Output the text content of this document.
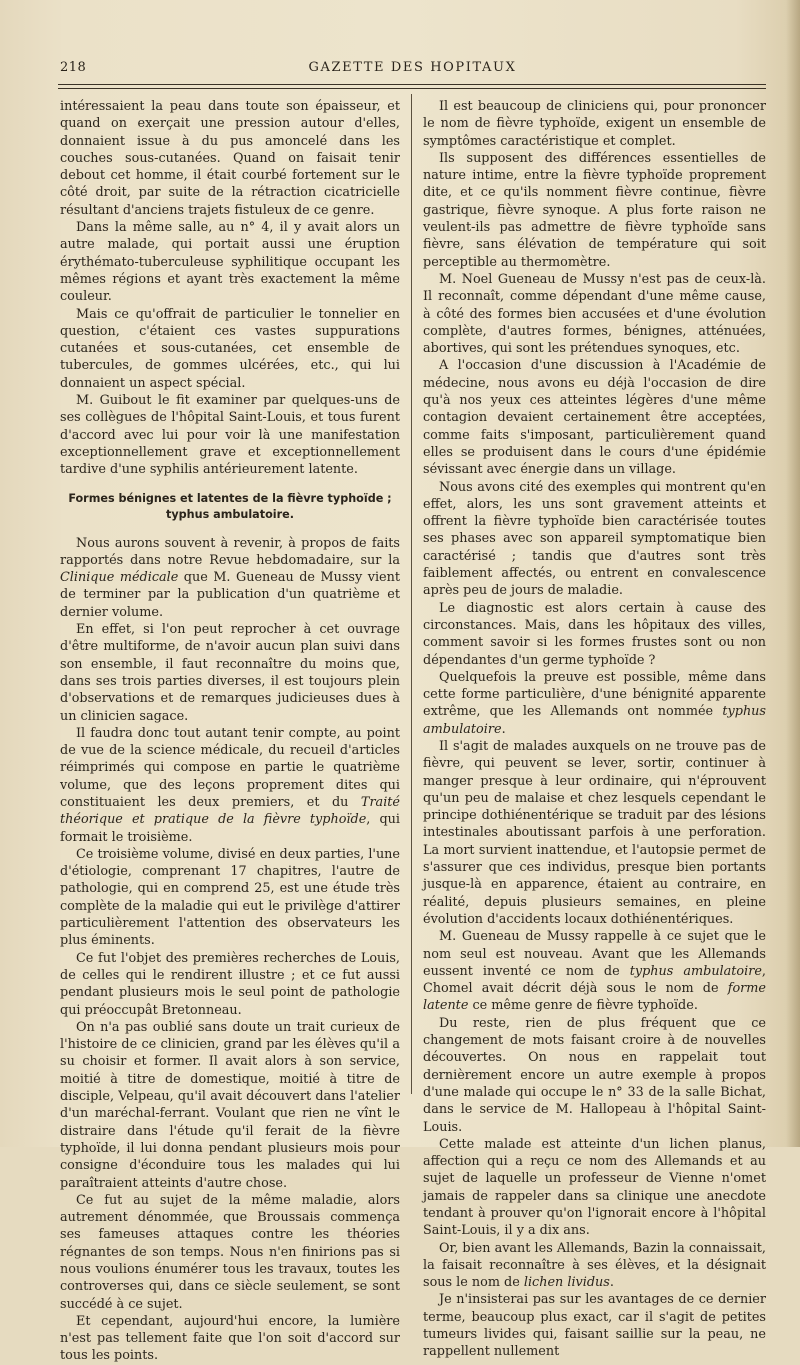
218	GAZETTE DES HOPITAUX

intéressaient la peau dans toute son épaisseur, et quand on exerçait une pression autour d'elles, donnaient issue à du pus amoncelé dans les couches sous-cutanées. Quand on faisait tenir debout cet homme, il était courbé fortement sur le côté droit, par suite de la rétraction cicatricielle résultant d'anciens trajets fistuleux de ce genre.

Dans la même salle, au n° 4, il y avait alors un autre malade, qui portait aussi une éruption érythémato-tuberculeuse syphilitique occupant les mêmes régions et ayant très exactement la même couleur.

Mais ce qu'offrait de particulier le tonnelier en question, c'étaient ces vastes suppurations cutanées et sous-cutanées, cet ensemble de tubercules, de gommes ulcérées, etc., qui lui donnaient un aspect spécial.

M. Guibout le fit examiner par quelques-uns de ses collègues de l'hôpital Saint-Louis, et tous furent d'accord avec lui pour voir là une manifestation exceptionnellement grave et exceptionnellement tardive d'une syphilis antérieurement latente.

Formes bénignes et latentes de la fièvre typhoïde ;
typhus ambulatoire.

Nous aurons souvent à revenir, à propos de faits rapportés dans notre Revue hebdomadaire, sur la Clinique médicale que M. Gueneau de Mussy vient de terminer par la publication d'un quatrième et dernier volume.

En effet, si l'on peut reprocher à cet ouvrage d'être multiforme, de n'avoir aucun plan suivi dans son ensemble, il faut reconnaître du moins que, dans ses trois parties diverses, il est toujours plein d'observations et de remarques judicieuses dues à un clinicien sagace.

Il faudra donc tout autant tenir compte, au point de vue de la science médicale, du recueil d'articles réimprimés qui compose en partie le quatrième volume, que des leçons proprement dites qui constituaient les deux premiers, et du Traité théorique et pratique de la fièvre typhoïde, qui formait le troisième.

Ce troisième volume, divisé en deux parties, l'une d'étiologie, comprenant 17 chapitres, l'autre de pathologie, qui en comprend 25, est une étude très complète de la maladie qui eut le privilège d'attirer particulièrement l'attention des observateurs les plus éminents.

Ce fut l'objet des premières recherches de Louis, de celles qui le rendirent illustre ; et ce fut aussi pendant plusieurs mois le seul point de pathologie qui préoccupât Bretonneau.

On n'a pas oublié sans doute un trait curieux de l'histoire de ce clinicien, grand par les élèves qu'il a su choisir et former. Il avait alors à son service, moitié à titre de domestique, moitié à titre de disciple, Velpeau, qu'il avait découvert dans l'atelier d'un maréchal-ferrant. Voulant que rien ne vînt le distraire dans l'étude qu'il ferait de la fièvre typhoïde, il lui donna pendant plusieurs mois pour consigne d'éconduire tous les malades qui lui paraîtraient atteints d'autre chose.

Ce fut au sujet de la même maladie, alors autrement dénommée, que Broussais commença ses fameuses attaques contre les théories régnantes de son temps. Nous n'en finirions pas si nous voulions énumérer tous les travaux, toutes les controverses qui, dans ce siècle seulement, se sont succédé à ce sujet.

Et cependant, aujourd'hui encore, la lumière n'est pas tellement faite que l'on soit d'accord sur tous les points.

Il est beaucoup de cliniciens qui, pour prononcer le nom de fièvre typhoïde, exigent un ensemble de symptômes caractéristique et complet.

Ils supposent des différences essentielles de nature intime, entre la fièvre typhoïde proprement dite, et ce qu'ils nomment fièvre continue, fièvre gastrique, fièvre synoque. A plus forte raison ne veulent-ils pas admettre de fièvre typhoïde sans fièvre, sans élévation de température qui soit perceptible au thermomètre.

M. Noel Gueneau de Mussy n'est pas de ceux-là. Il reconnaît, comme dépendant d'une même cause, à côté des formes bien accusées et d'une évolution complète, d'autres formes, bénignes, atténuées, abortives, qui sont les prétendues synoques, etc.

A l'occasion d'une discussion à l'Académie de médecine, nous avons eu déjà l'occasion de dire qu'à nos yeux ces atteintes légères d'une même contagion devaient certainement être acceptées, comme faits s'imposant, particulièrement quand elles se produisent dans le cours d'une épidémie sévissant avec énergie dans un village.

Nous avons cité des exemples qui montrent qu'en effet, alors, les uns sont gravement atteints et offrent la fièvre typhoïde bien caractérisée toutes ses phases avec son appareil symptomatique bien caractérisé ; tandis que d'autres sont très faiblement affectés, ou entrent en convalescence après peu de jours de maladie.

Le diagnostic est alors certain à cause des circonstances. Mais, dans les hôpitaux des villes, comment savoir si les formes frustes sont ou non dépendantes d'un germe typhoïde ?

Quelquefois la preuve est possible, même dans cette forme particulière, d'une bénignité apparente extrême, que les Allemands ont nommée typhus ambulatoire.

Il s'agit de malades auxquels on ne trouve pas de fièvre, qui peuvent se lever, sortir, continuer à manger presque à leur ordinaire, qui n'éprouvent qu'un peu de malaise et chez lesquels cependant le principe dothiénentérique se traduit par des lésions intestinales aboutissant parfois à une perforation. La mort survient inattendue, et l'autopsie permet de s'assurer que ces individus, presque bien portants jusque-là en apparence, étaient au contraire, en réalité, depuis plusieurs semaines, en pleine évolution d'accidents locaux dothiénentériques.

M. Gueneau de Mussy rappelle à ce sujet que le nom seul est nouveau. Avant que les Allemands eussent inventé ce nom de typhus ambulatoire, Chomel avait décrit déjà sous le nom de forme latente ce même genre de fièvre typhoïde.

Du reste, rien de plus fréquent que ce changement de mots faisant croire à de nouvelles découvertes. On nous en rappelait tout dernièrement encore un autre exemple à propos d'une malade qui occupe le n° 33 de la salle Bichat, dans le service de M. Hallopeau à l'hôpital Saint-Louis.

Cette malade est atteinte d'un lichen planus, affection qui a reçu ce nom des Allemands et au sujet de laquelle un professeur de Vienne n'omet jamais de rappeler dans sa clinique une anecdote tendant à prouver qu'on l'ignorait encore à l'hôpital Saint-Louis, il y a dix ans.

Or, bien avant les Allemands, Bazin la connaissait, la faisait reconnaître à ses élèves, et la désignait sous le nom de lichen lividus.

Je n'insisterai pas sur les avantages de ce dernier terme, beaucoup plus exact, car il s'agit de petites tumeurs livides qui, faisant saillie sur la peau, ne rappellent nullement
